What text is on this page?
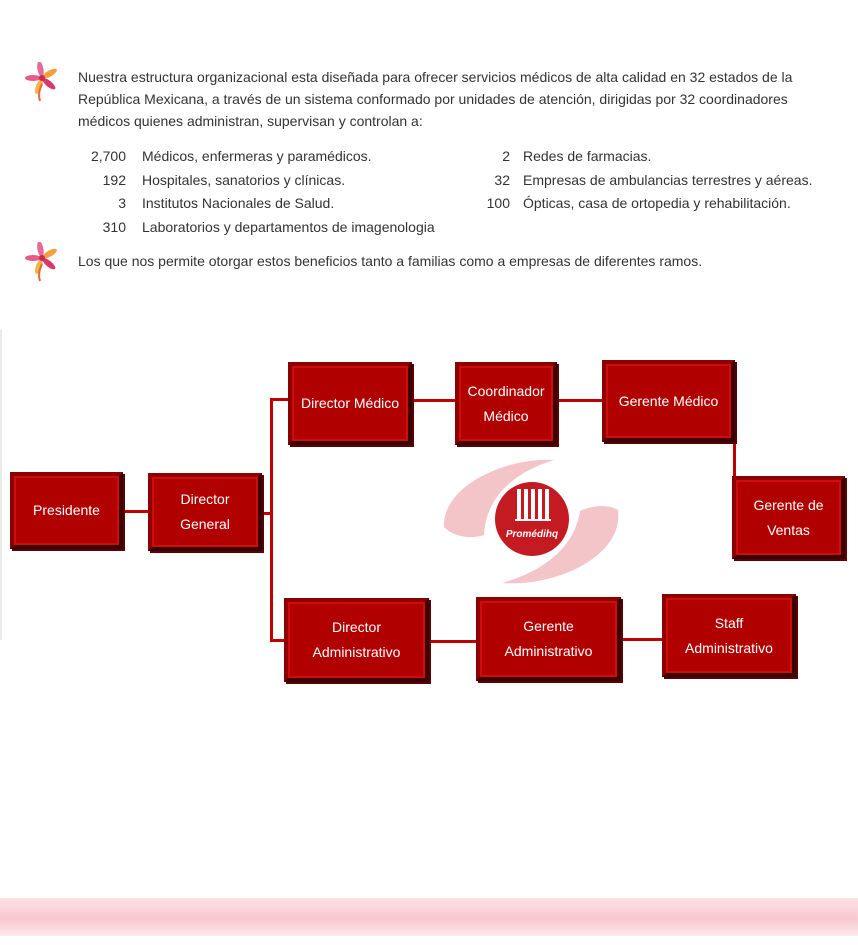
Nuestra estructura organizacional esta diseñada para ofrecer servicios médicos de alta calidad en 32 estados de la República Mexicana, a través de un sistema conformado por unidades de atención, dirigidas por 32 coordinadores médicos quienes administran, supervisan y controlan a:
2,700 Médicos, enfermeras y paramédicos.
192 Hospitales, sanatorios y clínicas.
3 Institutos Nacionales de Salud.
310 Laboratorios y departamentos de imagenologia
2 Redes de farmacias.
32 Empresas de ambulancias terrestres y aéreas.
100 Ópticas, casa de ortopedia y rehabilitación.
Los que nos permite otorgar estos beneficios tanto a familias como a empresas de diferentes ramos.
Promédihq
Presidente
Director General
Director Médico
Coordinador Médico
Gerente Médico
Gerente de Ventas
Director Administrativo
Gerente Administrativo
Staff Administrativo
